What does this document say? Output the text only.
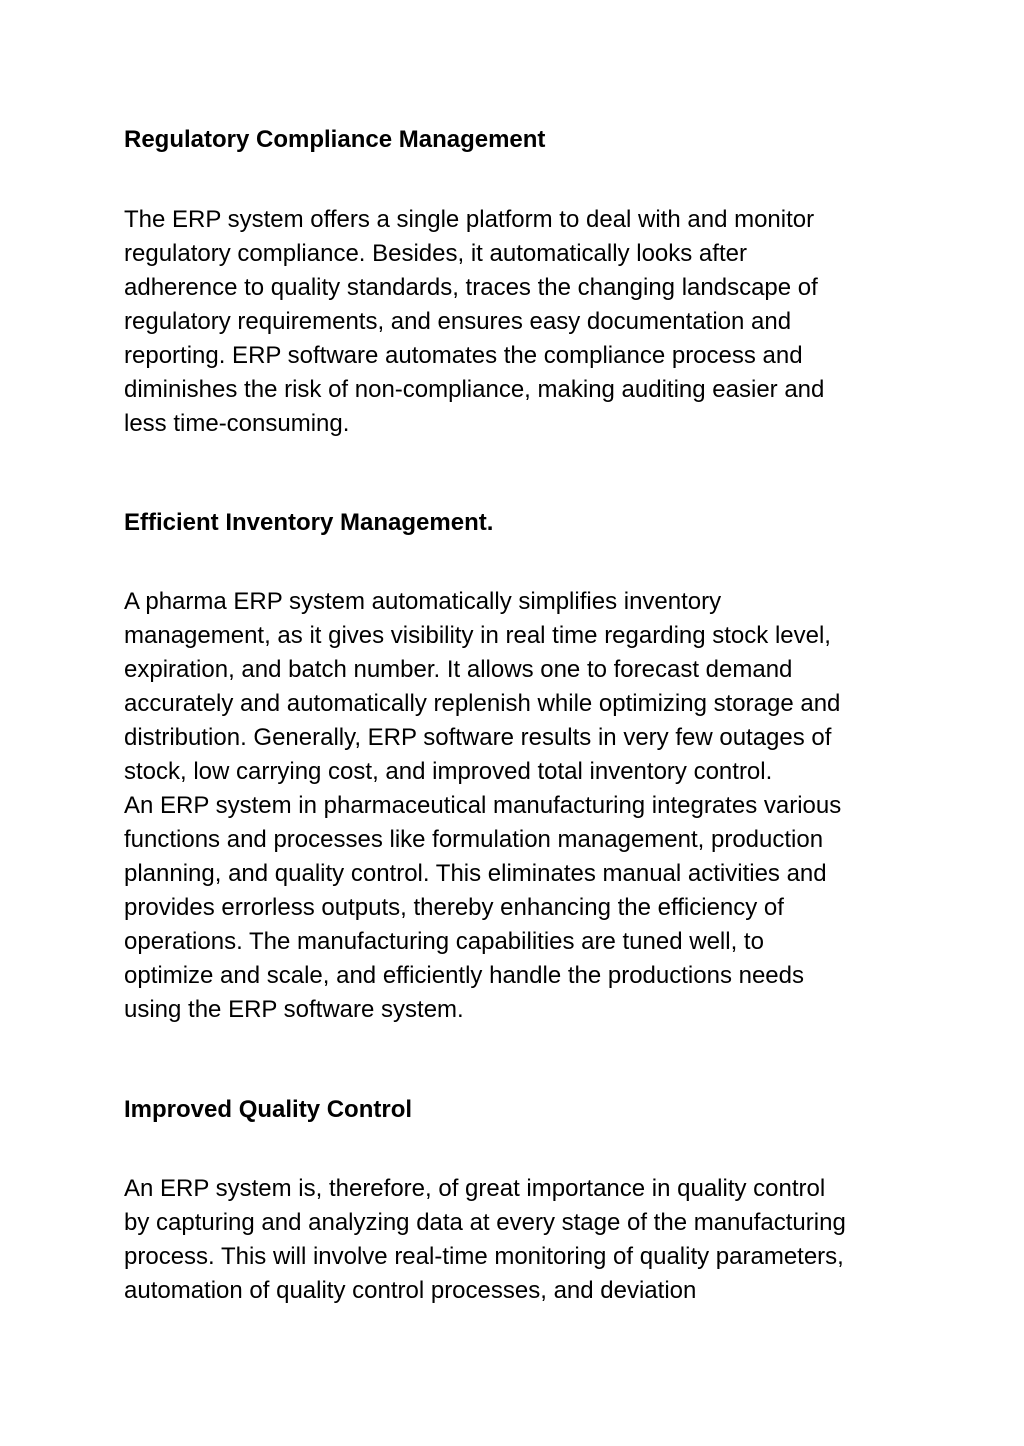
Regulatory Compliance Management
The ERP system offers a single platform to deal with and monitor
regulatory compliance. Besides, it automatically looks after
adherence to quality standards, traces the changing landscape of
regulatory requirements, and ensures easy documentation and
reporting. ERP software automates the compliance process and
diminishes the risk of non-compliance, making auditing easier and
less time-consuming.
Efficient Inventory Management.
A pharma ERP system automatically simplifies inventory
management, as it gives visibility in real time regarding stock level,
expiration, and batch number. It allows one to forecast demand
accurately and automatically replenish while optimizing storage and
distribution. Generally, ERP software results in very few outages of
stock, low carrying cost, and improved total inventory control.
An ERP system in pharmaceutical manufacturing integrates various
functions and processes like formulation management, production
planning, and quality control. This eliminates manual activities and
provides errorless outputs, thereby enhancing the efficiency of
operations. The manufacturing capabilities are tuned well, to
optimize and scale, and efficiently handle the productions needs
using the ERP software system.
Improved Quality Control
An ERP system is, therefore, of great importance in quality control
by capturing and analyzing data at every stage of the manufacturing
process. This will involve real-time monitoring of quality parameters,
automation of quality control processes, and deviation
